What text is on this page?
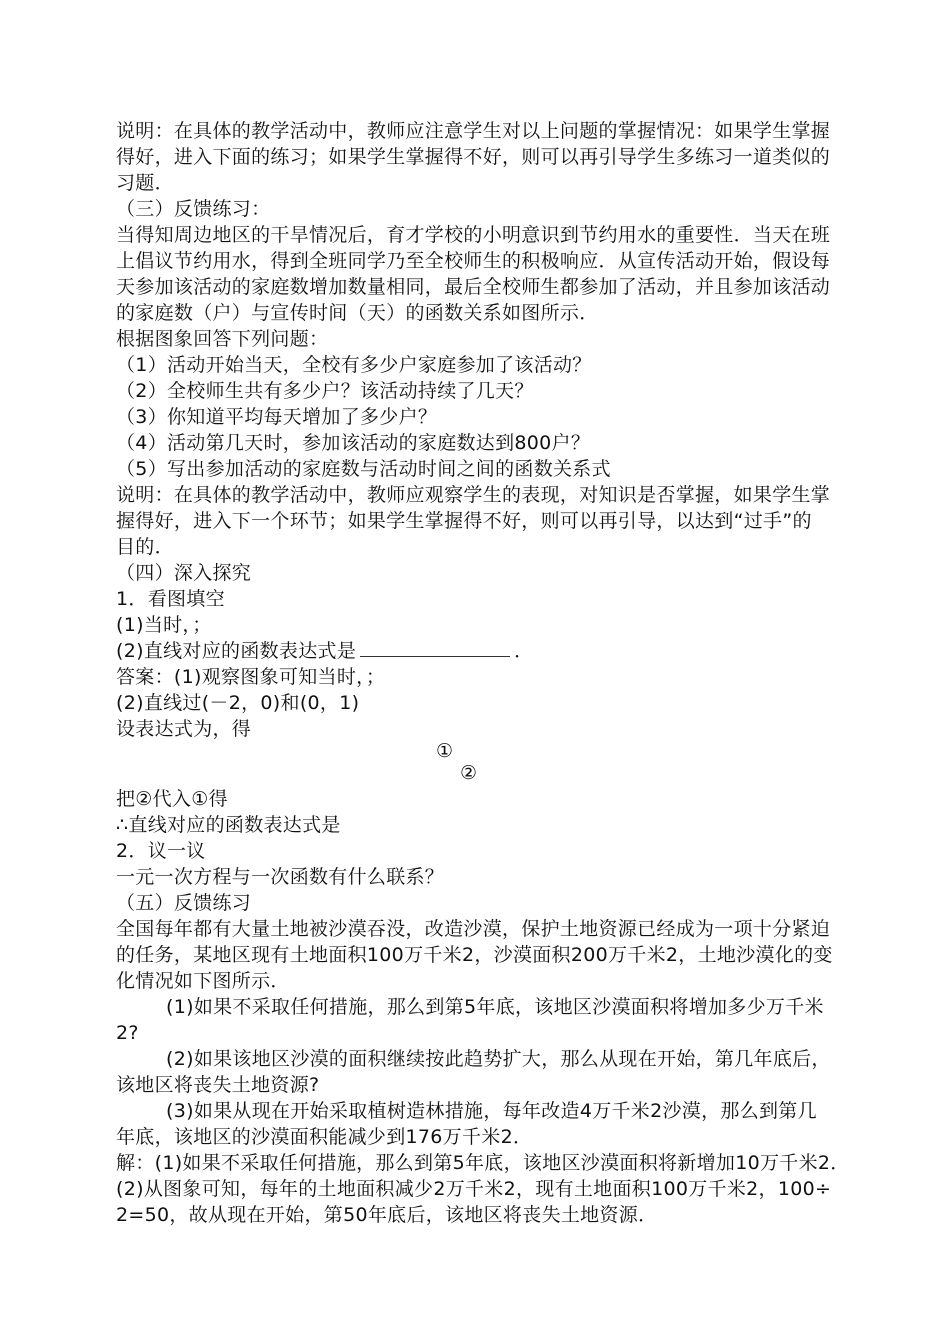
说明：在具体的教学活动中，教师应注意学生对以上问题的掌握情况：如果学生掌握
得好，进入下面的练习；如果学生掌握得不好，则可以再引导学生多练习一道类似的
习题．
（三）反馈练习：
当得知周边地区的干旱情况后，育才学校的小明意识到节约用水的重要性．当天在班
上倡议节约用水，得到全班同学乃至全校师生的积极响应．从宣传活动开始，假设每
天参加该活动的家庭数增加数量相同，最后全校师生都参加了活动，并且参加该活动
的家庭数（户）与宣传时间（天）的函数关系如图所示．
根据图象回答下列问题：
（1）活动开始当天，全校有多少户家庭参加了该活动？
（2）全校师生共有多少户？该活动持续了几天？
（3）你知道平均每天增加了多少户？
（4）活动第几天时，参加该活动的家庭数达到800户？
（5）写出参加活动的家庭数与活动时间之间的函数关系式
说明：在具体的教学活动中，教师应观察学生的表现，对知识是否掌握，如果学生掌
握得好，进入下一个环节；如果学生掌握得不好，则可以再引导，以达到“过手”的
目的．
（四）深入探究
1．看图填空
(1)当时，；
(2)直线对应的函数表达式是	．
答案：(1)观察图象可知当时，；
(2)直线过(－2，0)和(0，1)
设表达式为，得
①
②
把②代入①得
∴直线对应的函数表达式是
2．议一议
一元一次方程与一次函数有什么联系？
（五）反馈练习
全国每年都有大量土地被沙漠吞没，改造沙漠，保护土地资源已经成为一项十分紧迫
的任务，某地区现有土地面积100万千米2，沙漠面积200万千米2，土地沙漠化的变
化情况如下图所示．
(1)如果不采取任何措施，那么到第5年底，该地区沙漠面积将增加多少万千米
2?
(2)如果该地区沙漠的面积继续按此趋势扩大，那么从现在开始，第几年底后，
该地区将丧失土地资源?
(3)如果从现在开始采取植树造林措施，每年改造4万千米2沙漠，那么到第几
年底，该地区的沙漠面积能减少到176万千米2．
解：(1)如果不采取任何措施，那么到第5年底，该地区沙漠面积将新增加10万千米2．
(2)从图象可知，每年的土地面积减少2万千米2，现有土地面积100万千米2，100÷
2=50，故从现在开始，第50年底后，该地区将丧失土地资源．
